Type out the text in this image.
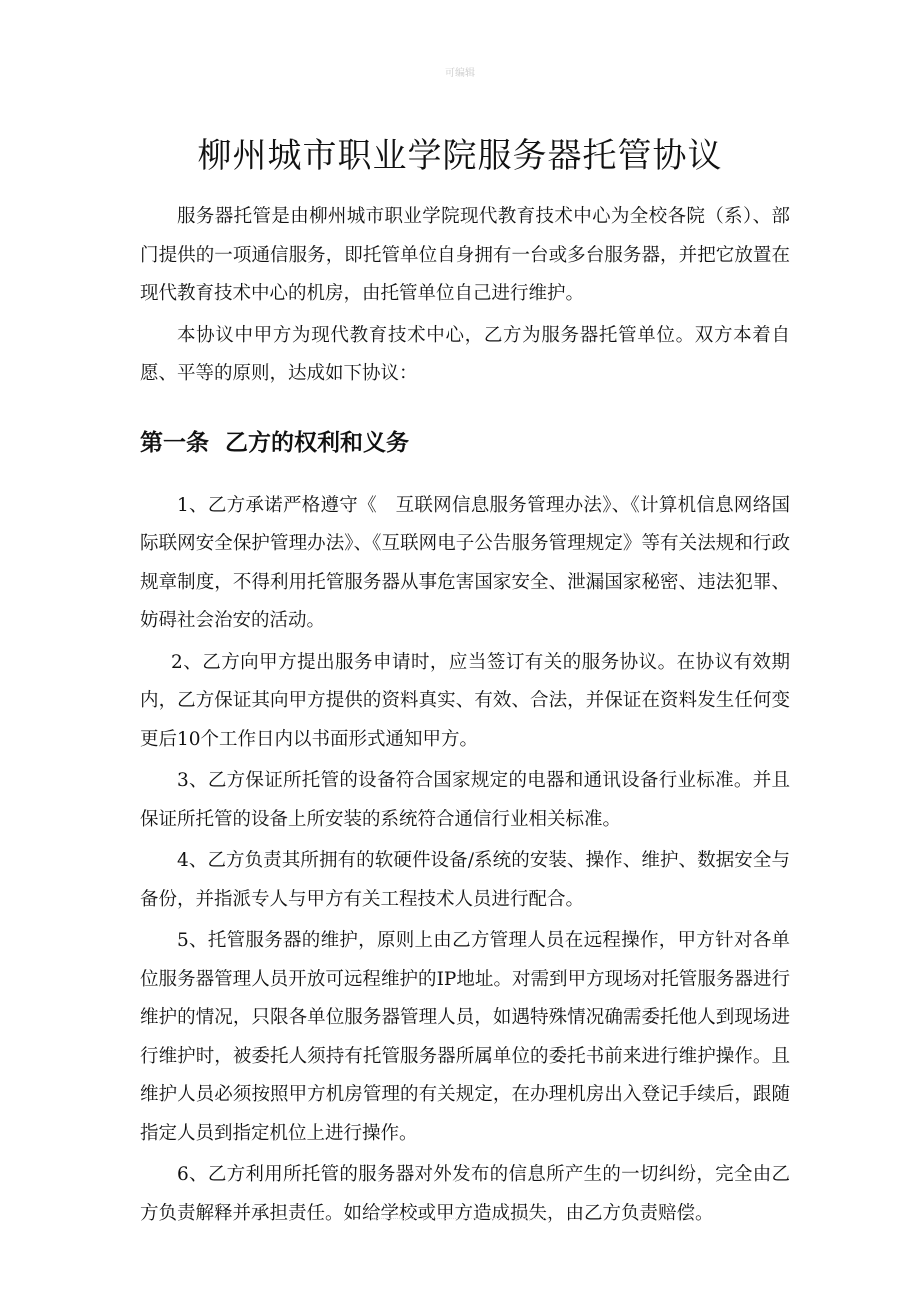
可编辑
柳州城市职业学院服务器托管协议

服务器托管是由柳州城市职业学院现代教育技术中心为全校各院（系）、部门提供的一项通信服务，即托管单位自身拥有一台或多台服务器，并把它放置在现代教育技术中心的机房，由托管单位自己进行维护。

本协议中甲方为现代教育技术中心，乙方为服务器托管单位。双方本着自愿、平等的原则，达成如下协议：

第一条 乙方的权利和义务

1、乙方承诺严格遵守《　互联网信息服务管理办法》、《计算机信息网络国际联网安全保护管理办法》、《互联网电子公告服务管理规定》等有关法规和行政规章制度，不得利用托管服务器从事危害国家安全、泄漏国家秘密、违法犯罪、妨碍社会治安的活动。

2、乙方向甲方提出服务申请时，应当签订有关的服务协议。在协议有效期内，乙方保证其向甲方提供的资料真实、有效、合法，并保证在资料发生任何变更后10个工作日内以书面形式通知甲方。

3、乙方保证所托管的设备符合国家规定的电器和通讯设备行业标准。并且保证所托管的设备上所安装的系统符合通信行业相关标准。

4、乙方负责其所拥有的软硬件设备/系统的安装、操作、维护、数据安全与备份，并指派专人与甲方有关工程技术人员进行配合。

5、托管服务器的维护，原则上由乙方管理人员在远程操作，甲方针对各单位服务器管理人员开放可远程维护的IP地址。对需到甲方现场对托管服务器进行维护的情况，只限各单位服务器管理人员，如遇特殊情况确需委托他人到现场进行维护时，被委托人须持有托管服务器所属单位的委托书前来进行维护操作。且维护人员必须按照甲方机房管理的有关规定，在办理机房出入登记手续后，跟随指定人员到指定机位上进行操作。

6、乙方利用所托管的服务器对外发布的信息所产生的一切纠纷，完全由乙方负责解释并承担责任。如给学校或甲方造成损失，由乙方负责赔偿。
